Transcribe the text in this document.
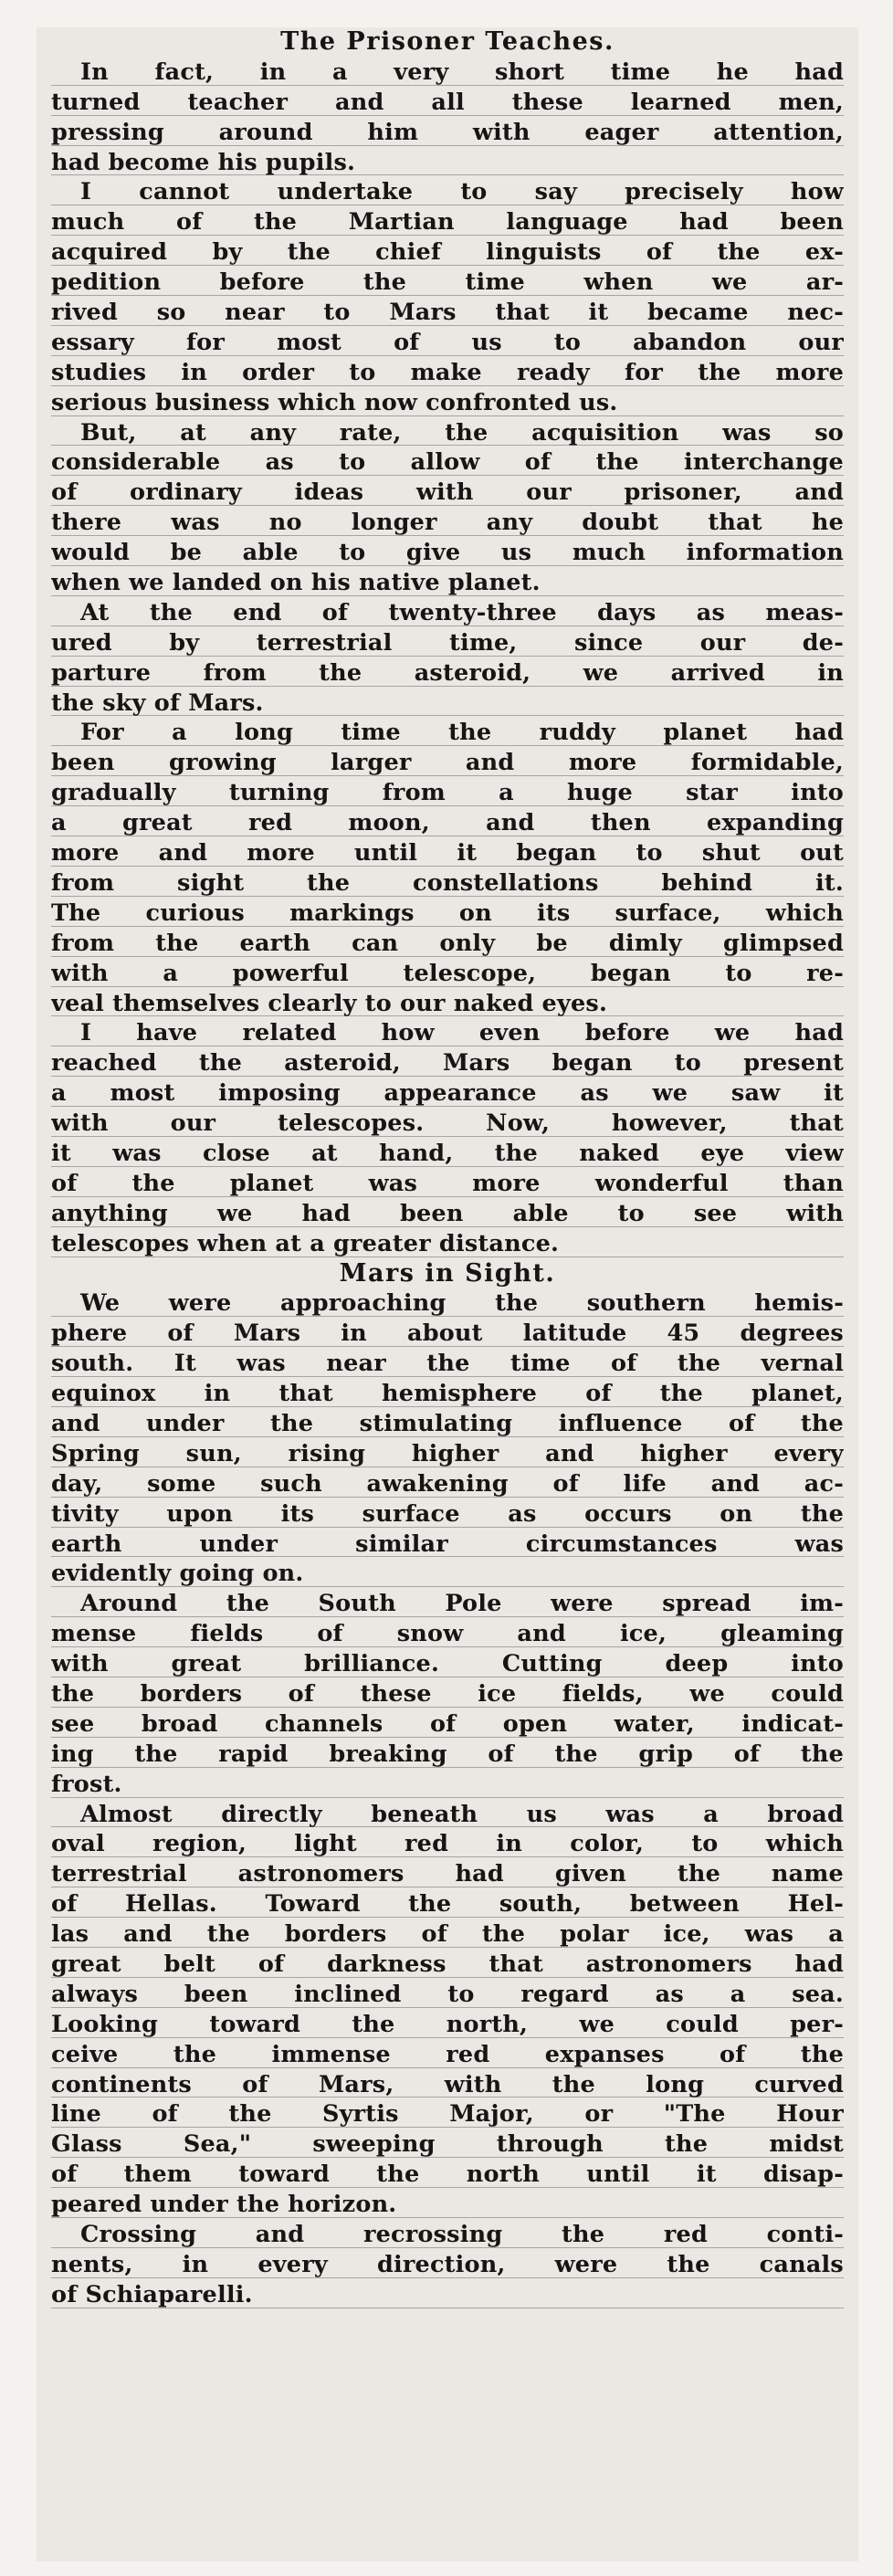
The Prisoner Teaches.
In fact, in a very short time he had
turned teacher and all these learned men,
pressing around him with eager attention,
had become his pupils.
I cannot undertake to say precisely how
much of the Martian language had been
acquired by the chief linguists of the ex-
pedition before the time when we ar-
rived so near to Mars that it became nec-
essary for most of us to abandon our
studies in order to make ready for the more
serious business which now confronted us.
But, at any rate, the acquisition was so
considerable as to allow of the interchange
of ordinary ideas with our prisoner, and
there was no longer any doubt that he
would be able to give us much information
when we landed on his native planet.
At the end of twenty-three days as meas-
ured by terrestrial time, since our de-
parture from the asteroid, we arrived in
the sky of Mars.
For a long time the ruddy planet had
been growing larger and more formidable,
gradually turning from a huge star into
a great red moon, and then expanding
more and more until it began to shut out
from sight the constellations behind it.
The curious markings on its surface, which
from the earth can only be dimly glimpsed
with a powerful telescope, began to re-
veal themselves clearly to our naked eyes.
I have related how even before we had
reached the asteroid, Mars began to present
a most imposing appearance as we saw it
with our telescopes. Now, however, that
it was close at hand, the naked eye view
of the planet was more wonderful than
anything we had been able to see with
telescopes when at a greater distance.
Mars in Sight.
We were approaching the southern hemis-
phere of Mars in about latitude 45 degrees
south. It was near the time of the vernal
equinox in that hemisphere of the planet,
and under the stimulating influence of the
Spring sun, rising higher and higher every
day, some such awakening of life and ac-
tivity upon its surface as occurs on the
earth under similar circumstances was
evidently going on.
Around the South Pole were spread im-
mense fields of snow and ice, gleaming
with great brilliance. Cutting deep into
the borders of these ice fields, we could
see broad channels of open water, indicat-
ing the rapid breaking of the grip of the
frost.
Almost directly beneath us was a broad
oval region, light red in color, to which
terrestrial astronomers had given the name
of Hellas. Toward the south, between Hel-
las and the borders of the polar ice, was a
great belt of darkness that astronomers had
always been inclined to regard as a sea.
Looking toward the north, we could per-
ceive the immense red expanses of the
continents of Mars, with the long curved
line of the Syrtis Major, or "The Hour
Glass Sea," sweeping through the midst
of them toward the north until it disap-
peared under the horizon.
Crossing and recrossing the red conti-
nents, in every direction, were the canals
of Schiaparelli.
